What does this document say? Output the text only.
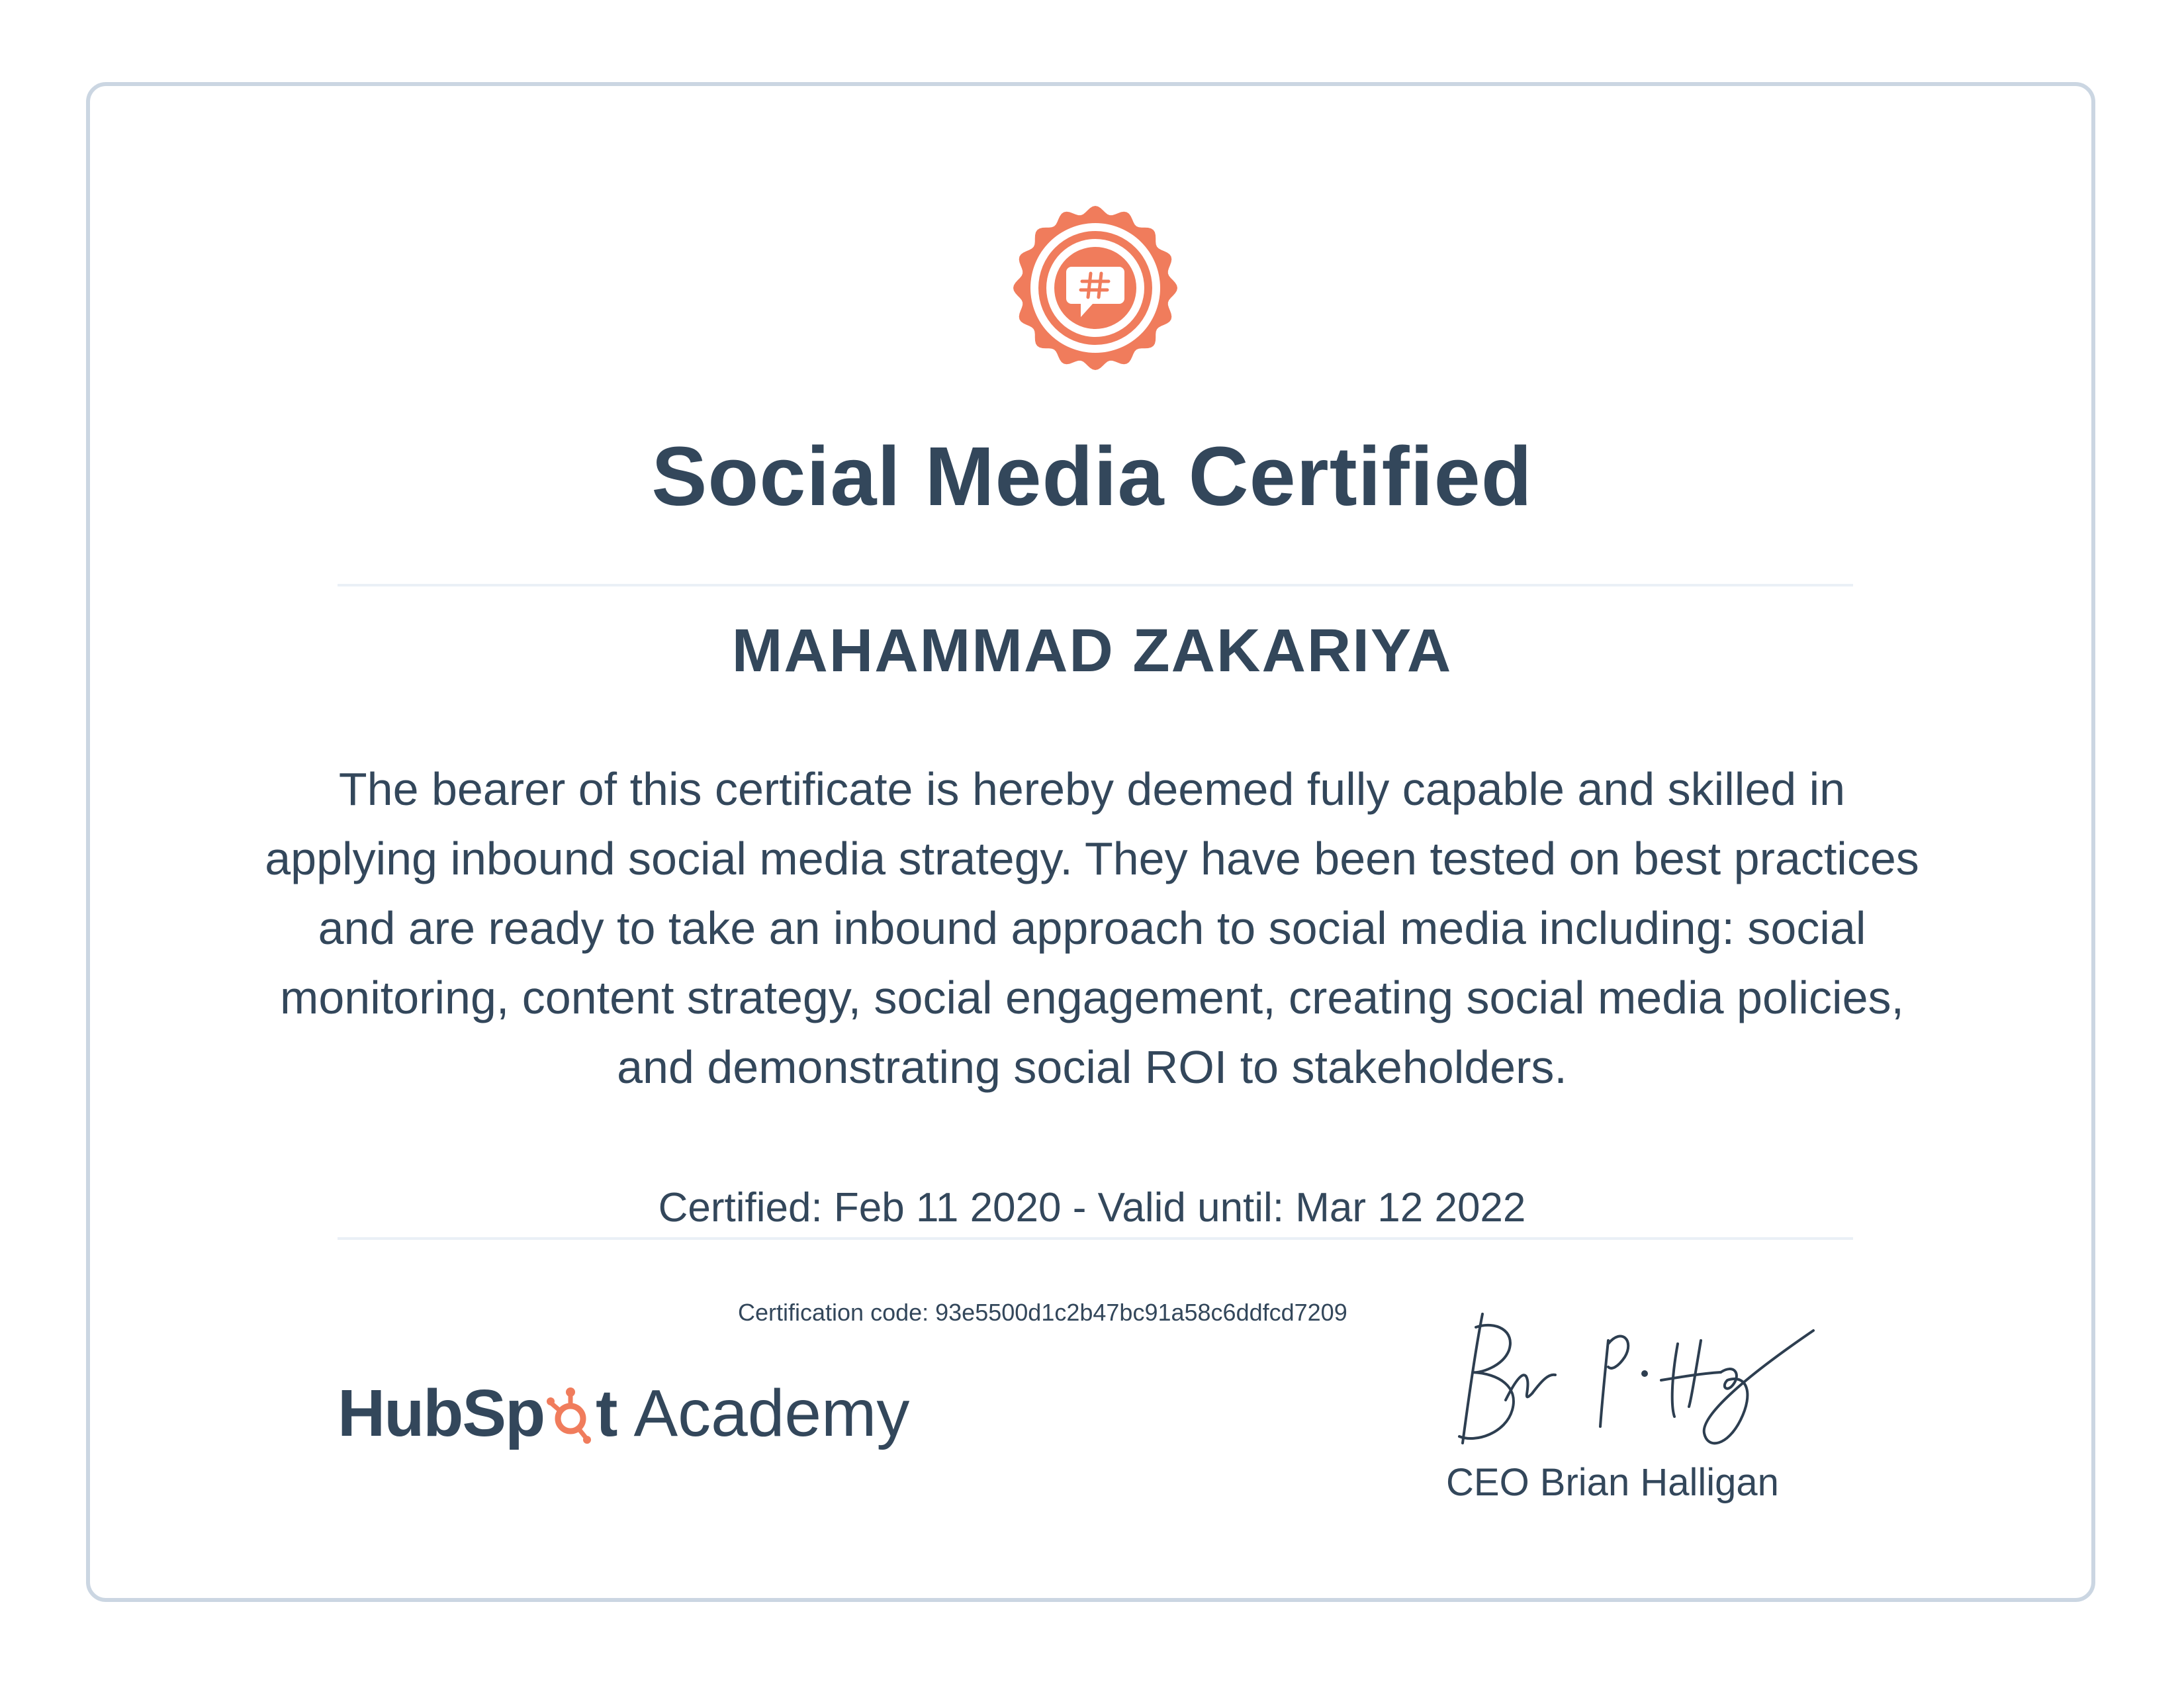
Social Media Certified
MAHAMMAD ZAKARIYA
The bearer of this certificate is hereby deemed fully capable and skilled in applying inbound social media strategy. They have been tested on best practices and are ready to take an inbound approach to social media including: social monitoring, content strategy, social engagement, creating social media policies, and demonstrating social ROI to stakeholders.
Certified: Feb 11 2020 - Valid until: Mar 12 2022
Certification code: 93e5500d1c2b47bc91a58c6ddfcd7209
HubSp t Academy
CEO Brian Halligan
